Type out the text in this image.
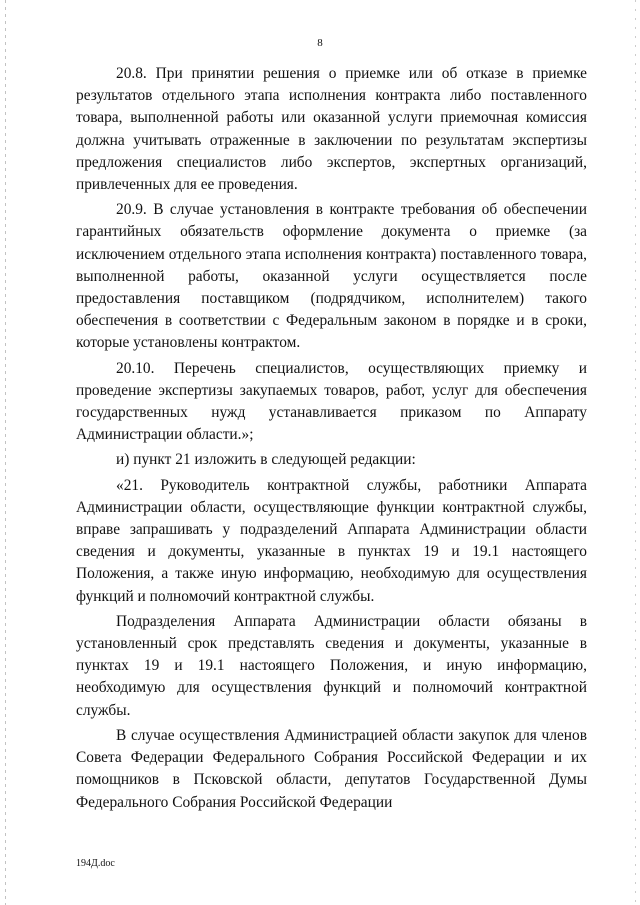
8

20.8. При принятии решения о приемке или об отказе в приемке результатов отдельного этапа исполнения контракта либо поставленного товара, выполненной работы или оказанной услуги приемочная комиссия должна учитывать отраженные в заключении по результатам экспертизы предложения специалистов либо экспертов, экспертных организаций, привлеченных для ее проведения.

20.9. В случае установления в контракте требования об обеспечении гарантийных обязательств оформление документа о приемке (за исключением отдельного этапа исполнения контракта) поставленного товара, выполненной работы, оказанной услуги осуществляется после предоставления поставщиком (подрядчиком, исполнителем) такого обеспечения в соответствии с Федеральным законом в порядке и в сроки, которые установлены контрактом.

20.10. Перечень специалистов, осуществляющих приемку и проведение экспертизы закупаемых товаров, работ, услуг для обеспечения государственных нужд устанавливается приказом по Аппарату Администрации области.»;

и) пункт 21 изложить в следующей редакции:

«21. Руководитель контрактной службы, работники Аппарата Администрации области, осуществляющие функции контрактной службы, вправе запрашивать у подразделений Аппарата Администрации области сведения и документы, указанные в пунктах 19 и 19.1 настоящего Положения, а также иную информацию, необходимую для осуществления функций и полномочий контрактной службы.

Подразделения Аппарата Администрации области обязаны в установленный срок представлять сведения и документы, указанные в пунктах 19 и 19.1 настоящего Положения, и иную информацию, необходимую для осуществления функций и полномочий контрактной службы.

В случае осуществления Администрацией области закупок для членов Совета Федерации Федерального Собрания Российской Федерации и их помощников в Псковской области, депутатов Государственной Думы Федерального Собрания Российской Федерации

194Д.doc
